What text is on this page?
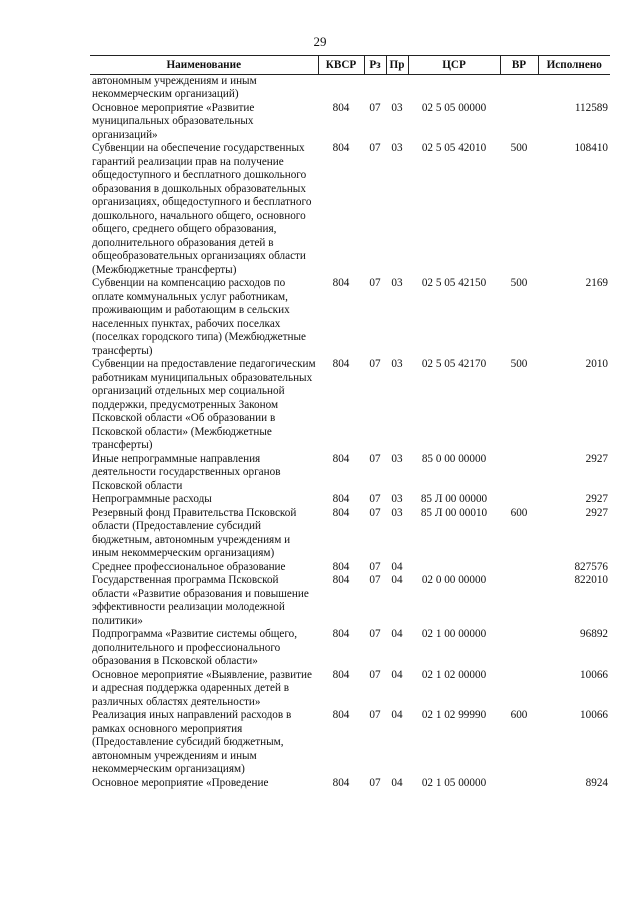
29
Наименование	КВСР	Рз	Пр	ЦСР	ВР	Исполнено
автономным учреждениям и иным некоммерческим организаций)						
Основное мероприятие «Развитие муниципальных образовательных организаций»	804	07	03	02 5 05 00000		112589
Субвенции на обеспечение государственных гарантий реализации прав на получение общедоступного и бесплатного дошкольного образования в дошкольных образовательных организациях, общедоступного и бесплатного дошкольного, начального общего, основного общего, среднего общего образования, дополнительного образования детей в общеобразовательных организациях области (Межбюджетные трансферты)	804	07	03	02 5 05 42010	500	108410
Субвенции на компенсацию расходов по оплате коммунальных услуг работникам, проживающим и работающим в сельских населенных пунктах, рабочих поселках (поселках городского типа) (Межбюджетные трансферты)	804	07	03	02 5 05 42150	500	2169
Субвенции на предоставление педагогическим работникам муниципальных образовательных организаций отдельных мер социальной поддержки, предусмотренных Законом Псковской области «Об образовании в Псковской области» (Межбюджетные трансферты)	804	07	03	02 5 05 42170	500	2010
Иные непрограммные направления деятельности государственных органов Псковской области	804	07	03	85 0 00 00000		2927
Непрограммные расходы	804	07	03	85 Л 00 00000		2927
Резервный фонд Правительства Псковской области (Предоставление субсидий бюджетным, автономным учреждениям и иным некоммерческим организациям)	804	07	03	85 Л 00 00010	600	2927
Среднее профессиональное образование	804	07	04			827576
Государственная программа Псковской области «Развитие образования и повышение эффективности реализации молодежной политики»	804	07	04	02 0 00 00000		822010
Подпрограмма «Развитие системы общего, дополнительного и профессионального образования в Псковской области»	804	07	04	02 1 00 00000		96892
Основное мероприятие «Выявление, развитие и адресная поддержка одаренных детей в различных областях деятельности»	804	07	04	02 1 02 00000		10066
Реализация иных направлений расходов в рамках основного мероприятия (Предоставление субсидий бюджетным, автономным учреждениям и иным некоммерческим организациям)	804	07	04	02 1 02 99990	600	10066
Основное мероприятие «Проведение	804	07	04	02 1 05 00000		8924
